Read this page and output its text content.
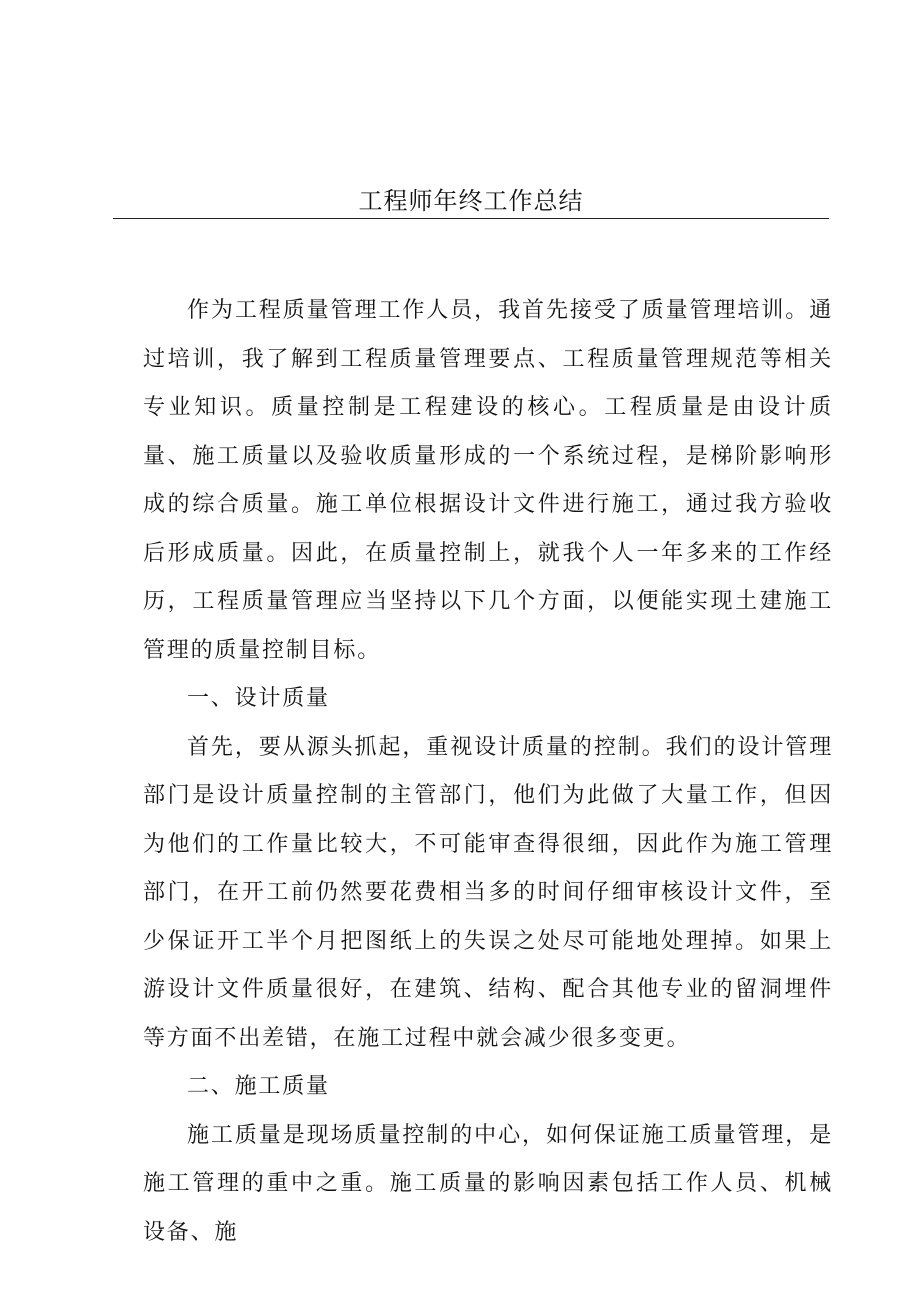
工程师年终工作总结

作为工程质量管理工作人员，我首先接受了质量管理培训。通过培训，我了解到工程质量管理要点、工程质量管理规范等相关专业知识。质量控制是工程建设的核心。工程质量是由设计质量、施工质量以及验收质量形成的一个系统过程，是梯阶影响形成的综合质量。施工单位根据设计文件进行施工，通过我方验收后形成质量。因此，在质量控制上，就我个人一年多来的工作经历，工程质量管理应当坚持以下几个方面，以便能实现土建施工管理的质量控制目标。

一、设计质量

首先，要从源头抓起，重视设计质量的控制。我们的设计管理部门是设计质量控制的主管部门，他们为此做了大量工作，但因为他们的工作量比较大，不可能审查得很细，因此作为施工管理部门，在开工前仍然要花费相当多的时间仔细审核设计文件，至少保证开工半个月把图纸上的失误之处尽可能地处理掉。如果上游设计文件质量很好，在建筑、结构、配合其他专业的留洞埋件等方面不出差错，在施工过程中就会减少很多变更。

二、施工质量

施工质量是现场质量控制的中心，如何保证施工质量管理，是施工管理的重中之重。施工质量的影响因素包括工作人员、机械设备、施
